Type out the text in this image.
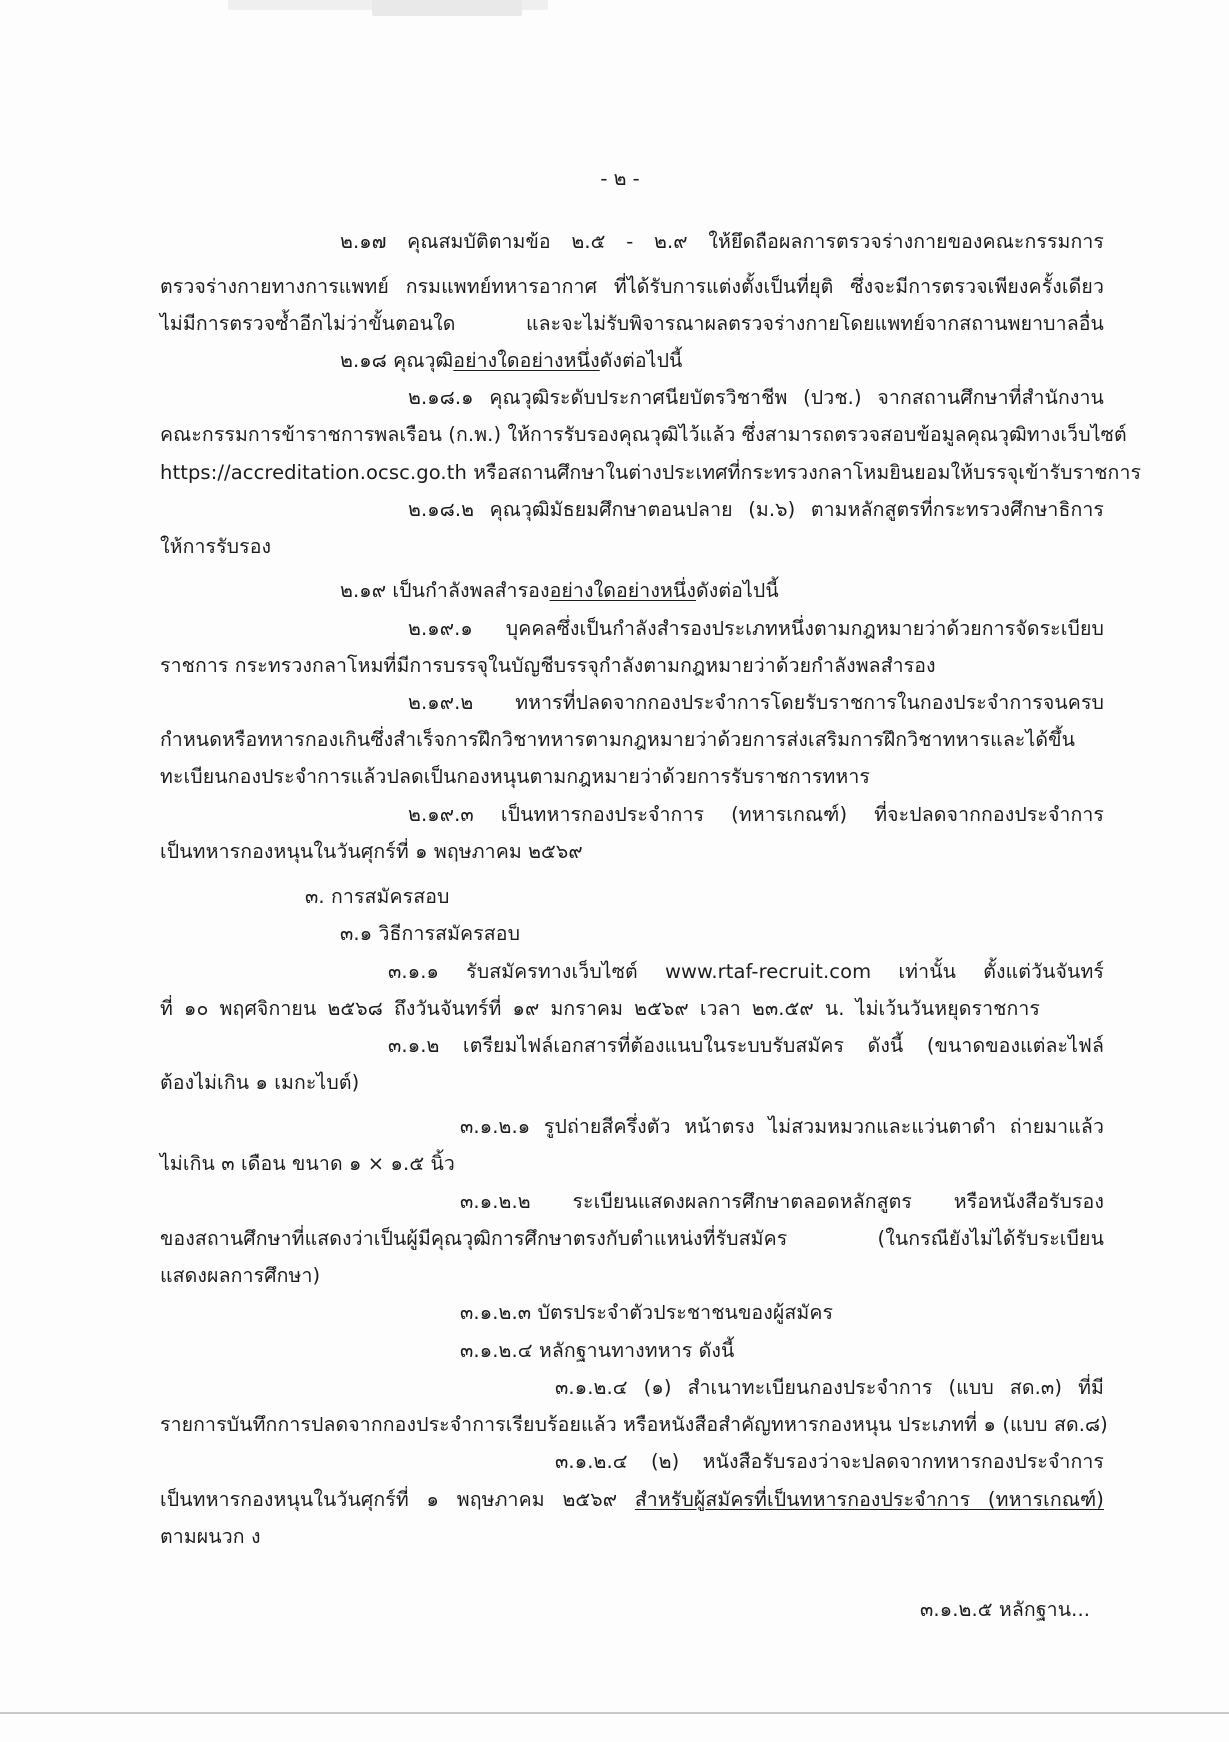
- ๒ -
๒.๑๗ คุณสมบัติตามข้อ ๒.๕ - ๒.๙ ให้ยึดถือผลการตรวจร่างกายของคณะกรรมการ
ตรวจร่างกายทางการแพทย์ กรมแพทย์ทหารอากาศ ที่ได้รับการแต่งตั้งเป็นที่ยุติ ซึ่งจะมีการตรวจเพียงครั้งเดียว
ไม่มีการตรวจซ้ำอีกไม่ว่าขั้นตอนใด และจะไม่รับพิจารณาผลตรวจร่างกายโดยแพทย์จากสถานพยาบาลอื่น
๒.๑๘ คุณวุฒิอย่างใดอย่างหนึ่งดังต่อไปนี้
๒.๑๘.๑ คุณวุฒิระดับประกาศนียบัตรวิชาชีพ (ปวช.) จากสถานศึกษาที่สำนักงาน
คณะกรรมการข้าราชการพลเรือน (ก.พ.) ให้การรับรองคุณวุฒิไว้แล้ว ซึ่งสามารถตรวจสอบข้อมูลคุณวุฒิทางเว็บไซต์
https://accreditation.ocsc.go.th หรือสถานศึกษาในต่างประเทศที่กระทรวงกลาโหมยินยอมให้บรรจุเข้ารับราชการ
๒.๑๘.๒ คุณวุฒิมัธยมศึกษาตอนปลาย (ม.๖) ตามหลักสูตรที่กระทรวงศึกษาธิการ
ให้การรับรอง
๒.๑๙ เป็นกำลังพลสำรองอย่างใดอย่างหนึ่งดังต่อไปนี้
๒.๑๙.๑ บุคคลซึ่งเป็นกำลังสำรองประเภทหนึ่งตามกฎหมายว่าด้วยการจัดระเบียบ
ราชการ กระทรวงกลาโหมที่มีการบรรจุในบัญชีบรรจุกำลังตามกฎหมายว่าด้วยกำลังพลสำรอง
๒.๑๙.๒ ทหารที่ปลดจากกองประจำการโดยรับราชการในกองประจำการจนครบ
กำหนดหรือทหารกองเกินซึ่งสำเร็จการฝึกวิชาทหารตามกฎหมายว่าด้วยการส่งเสริมการฝึกวิชาทหารและได้ขึ้น
ทะเบียนกองประจำการแล้วปลดเป็นกองหนุนตามกฎหมายว่าด้วยการรับราชการทหาร
๒.๑๙.๓ เป็นทหารกองประจำการ (ทหารเกณฑ์) ที่จะปลดจากกองประจำการ
เป็นทหารกองหนุนในวันศุกร์ที่ ๑ พฤษภาคม ๒๕๖๙
๓. การสมัครสอบ
๓.๑ วิธีการสมัครสอบ
๓.๑.๑ รับสมัครทางเว็บไซต์ www.rtaf-recruit.com เท่านั้น ตั้งแต่วันจันทร์
ที่ ๑๐ พฤศจิกายน ๒๕๖๘ ถึงวันจันทร์ที่ ๑๙ มกราคม ๒๕๖๙ เวลา ๒๓.๕๙ น. ไม่เว้นวันหยุดราชการ
๓.๑.๒ เตรียมไฟล์เอกสารที่ต้องแนบในระบบรับสมัคร ดังนี้ (ขนาดของแต่ละไฟล์
ต้องไม่เกิน ๑ เมกะไบต์)
๓.๑.๒.๑ รูปถ่ายสีครึ่งตัว หน้าตรง ไม่สวมหมวกและแว่นตาดำ ถ่ายมาแล้ว
ไม่เกิน ๓ เดือน ขนาด ๑ × ๑.๕ นิ้ว
๓.๑.๒.๒ ระเบียนแสดงผลการศึกษาตลอดหลักสูตร หรือหนังสือรับรอง
ของสถานศึกษาที่แสดงว่าเป็นผู้มีคุณวุฒิการศึกษาตรงกับตำแหน่งที่รับสมัคร (ในกรณียังไม่ได้รับระเบียน
แสดงผลการศึกษา)
๓.๑.๒.๓ บัตรประจำตัวประชาชนของผู้สมัคร
๓.๑.๒.๔ หลักฐานทางทหาร ดังนี้
๓.๑.๒.๔ (๑) สำเนาทะเบียนกองประจำการ (แบบ สด.๓) ที่มี
รายการบันทึกการปลดจากกองประจำการเรียบร้อยแล้ว หรือหนังสือสำคัญทหารกองหนุน ประเภทที่ ๑ (แบบ สด.๘)
๓.๑.๒.๔ (๒) หนังสือรับรองว่าจะปลดจากทหารกองประจำการ
เป็นทหารกองหนุนในวันศุกร์ที่ ๑ พฤษภาคม ๒๕๖๙ สำหรับผู้สมัครที่เป็นทหารกองประจำการ (ทหารเกณฑ์)
ตามผนวก ง
๓.๑.๒.๕ หลักฐาน...
